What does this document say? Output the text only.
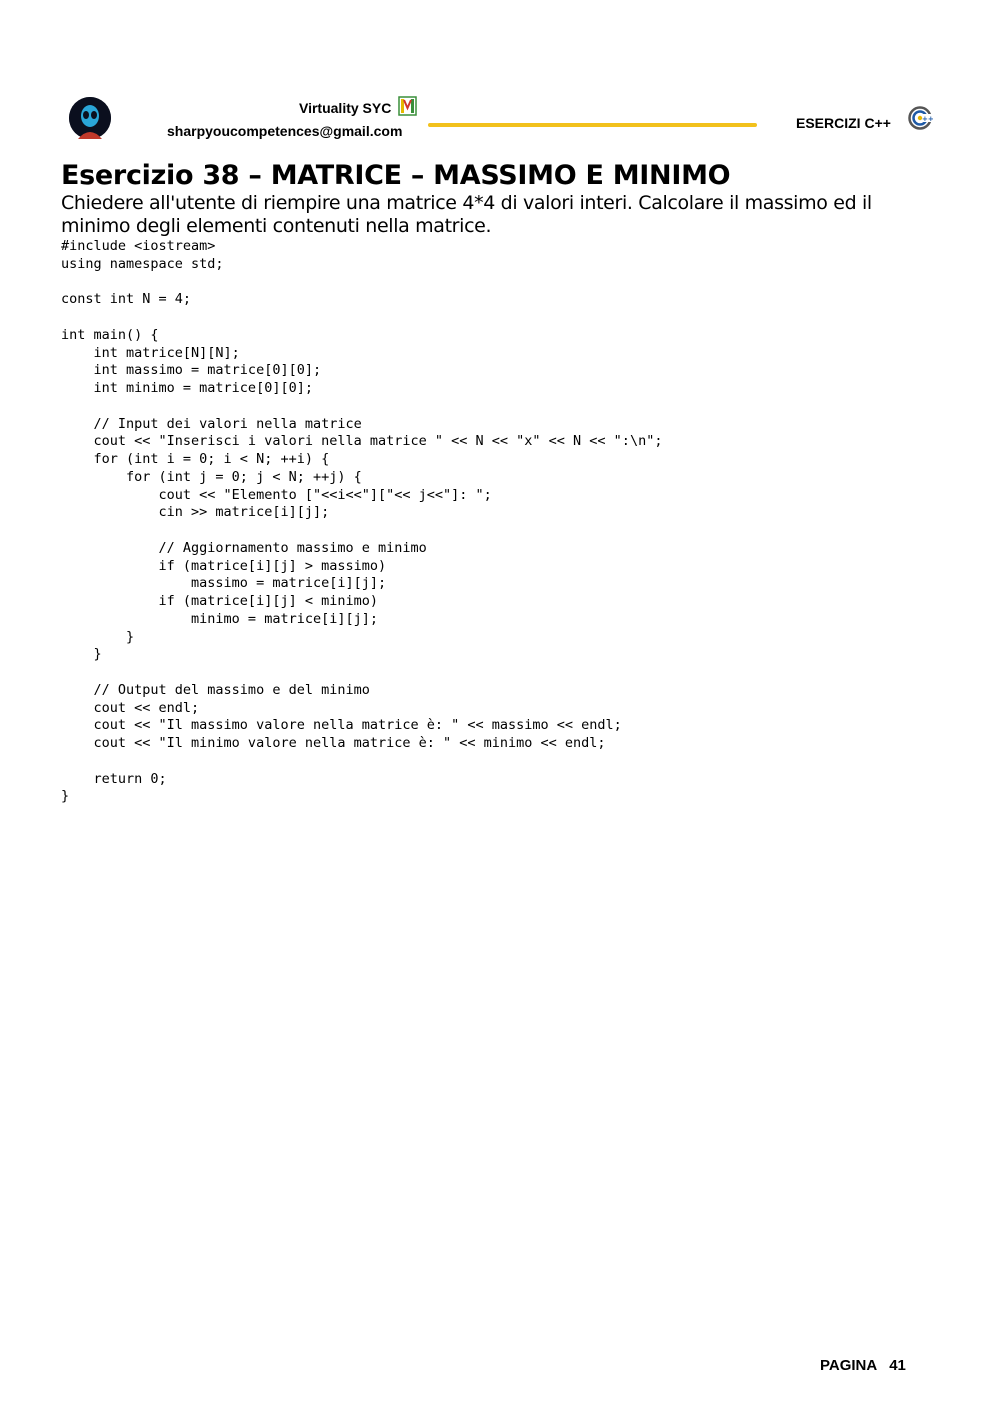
Virtuality SYC
sharpyoucompetences@gmail.com	ESERCIZI C++	++
Esercizio 38 – MATRICE – MASSIMO E MINIMO

Chiedere all'utente di riempire una matrice 4*4 di valori interi. Calcolare il massimo ed il minimo degli elementi contenuti nella matrice.

#include <iostream>
using namespace std;

const int N = 4;

int main() {
int matrice[N][N];
int massimo = matrice[0][0];
int minimo = matrice[0][0];

// Input dei valori nella matrice
cout << "Inserisci i valori nella matrice " << N << "x" << N << ":\n";
for (int i = 0; i < N; ++i) {
for (int j = 0; j < N; ++j) {
cout << "Elemento ["<<i<<"]["<< j<<"]: ";
cin >> matrice[i][j];

// Aggiornamento massimo e minimo
if (matrice[i][j] > massimo)
massimo = matrice[i][j];
if (matrice[i][j] < minimo)
minimo = matrice[i][j];
}
}

// Output del massimo e del minimo
cout << endl;
cout << "Il massimo valore nella matrice è: " << massimo << endl;
cout << "Il minimo valore nella matrice è: " << minimo << endl;

return 0;
}
PAGINA 41
